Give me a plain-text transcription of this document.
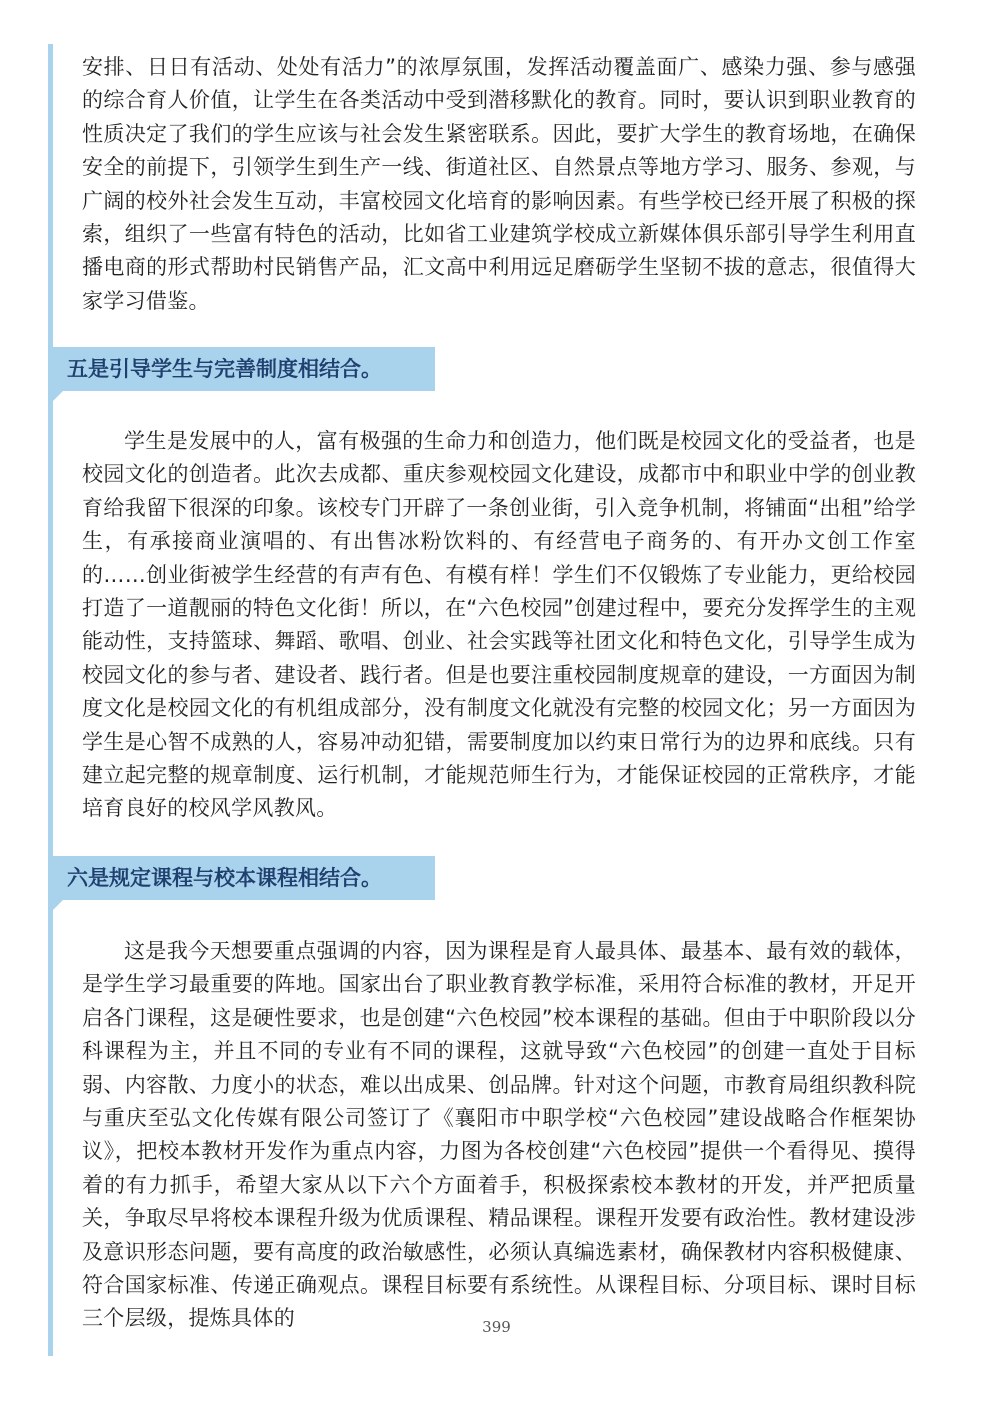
安排、日日有活动、处处有活力”的浓厚氛围，发挥活动覆盖面广、感染力强、参与感强的综合育人价值，让学生在各类活动中受到潜移默化的教育。同时，要认识到职业教育的性质决定了我们的学生应该与社会发生紧密联系。因此，要扩大学生的教育场地，在确保安全的前提下，引领学生到生产一线、街道社区、自然景点等地方学习、服务、参观，与广阔的校外社会发生互动，丰富校园文化培育的影响因素。有些学校已经开展了积极的探索，组织了一些富有特色的活动，比如省工业建筑学校成立新媒体俱乐部引导学生利用直播电商的形式帮助村民销售产品，汇文高中利用远足磨砺学生坚韧不拔的意志，很值得大家学习借鉴。

五是引导学生与完善制度相结合。

学生是发展中的人，富有极强的生命力和创造力，他们既是校园文化的受益者，也是校园文化的创造者。此次去成都、重庆参观校园文化建设，成都市中和职业中学的创业教育给我留下很深的印象。该校专门开辟了一条创业街，引入竞争机制，将铺面“出租”给学生，有承接商业演唱的、有出售冰粉饮料的、有经营电子商务的、有开办文创工作室的……创业街被学生经营的有声有色、有模有样！学生们不仅锻炼了专业能力，更给校园打造了一道靓丽的特色文化街！所以，在“六色校园”创建过程中，要充分发挥学生的主观能动性，支持篮球、舞蹈、歌唱、创业、社会实践等社团文化和特色文化，引导学生成为校园文化的参与者、建设者、践行者。但是也要注重校园制度规章的建设，一方面因为制度文化是校园文化的有机组成部分，没有制度文化就没有完整的校园文化；另一方面因为学生是心智不成熟的人，容易冲动犯错，需要制度加以约束日常行为的边界和底线。只有建立起完整的规章制度、运行机制，才能规范师生行为，才能保证校园的正常秩序，才能培育良好的校风学风教风。

六是规定课程与校本课程相结合。

这是我今天想要重点强调的内容，因为课程是育人最具体、最基本、最有效的载体，是学生学习最重要的阵地。国家出台了职业教育教学标准，采用符合标准的教材，开足开启各门课程，这是硬性要求，也是创建“六色校园”校本课程的基础。但由于中职阶段以分科课程为主，并且不同的专业有不同的课程，这就导致“六色校园”的创建一直处于目标弱、内容散、力度小的状态，难以出成果、创品牌。针对这个问题，市教育局组织教科院与重庆至弘文化传媒有限公司签订了《襄阳市中职学校“六色校园”建设战略合作框架协议》，把校本教材开发作为重点内容，力图为各校创建“六色校园”提供一个看得见、摸得着的有力抓手，希望大家从以下六个方面着手，积极探索校本教材的开发，并严把质量关，争取尽早将校本课程升级为优质课程、精品课程。课程开发要有政治性。教材建设涉及意识形态问题，要有高度的政治敏感性，必须认真编选素材，确保教材内容积极健康、符合国家标准、传递正确观点。课程目标要有系统性。从课程目标、分项目标、课时目标三个层级，提炼具体的	399
